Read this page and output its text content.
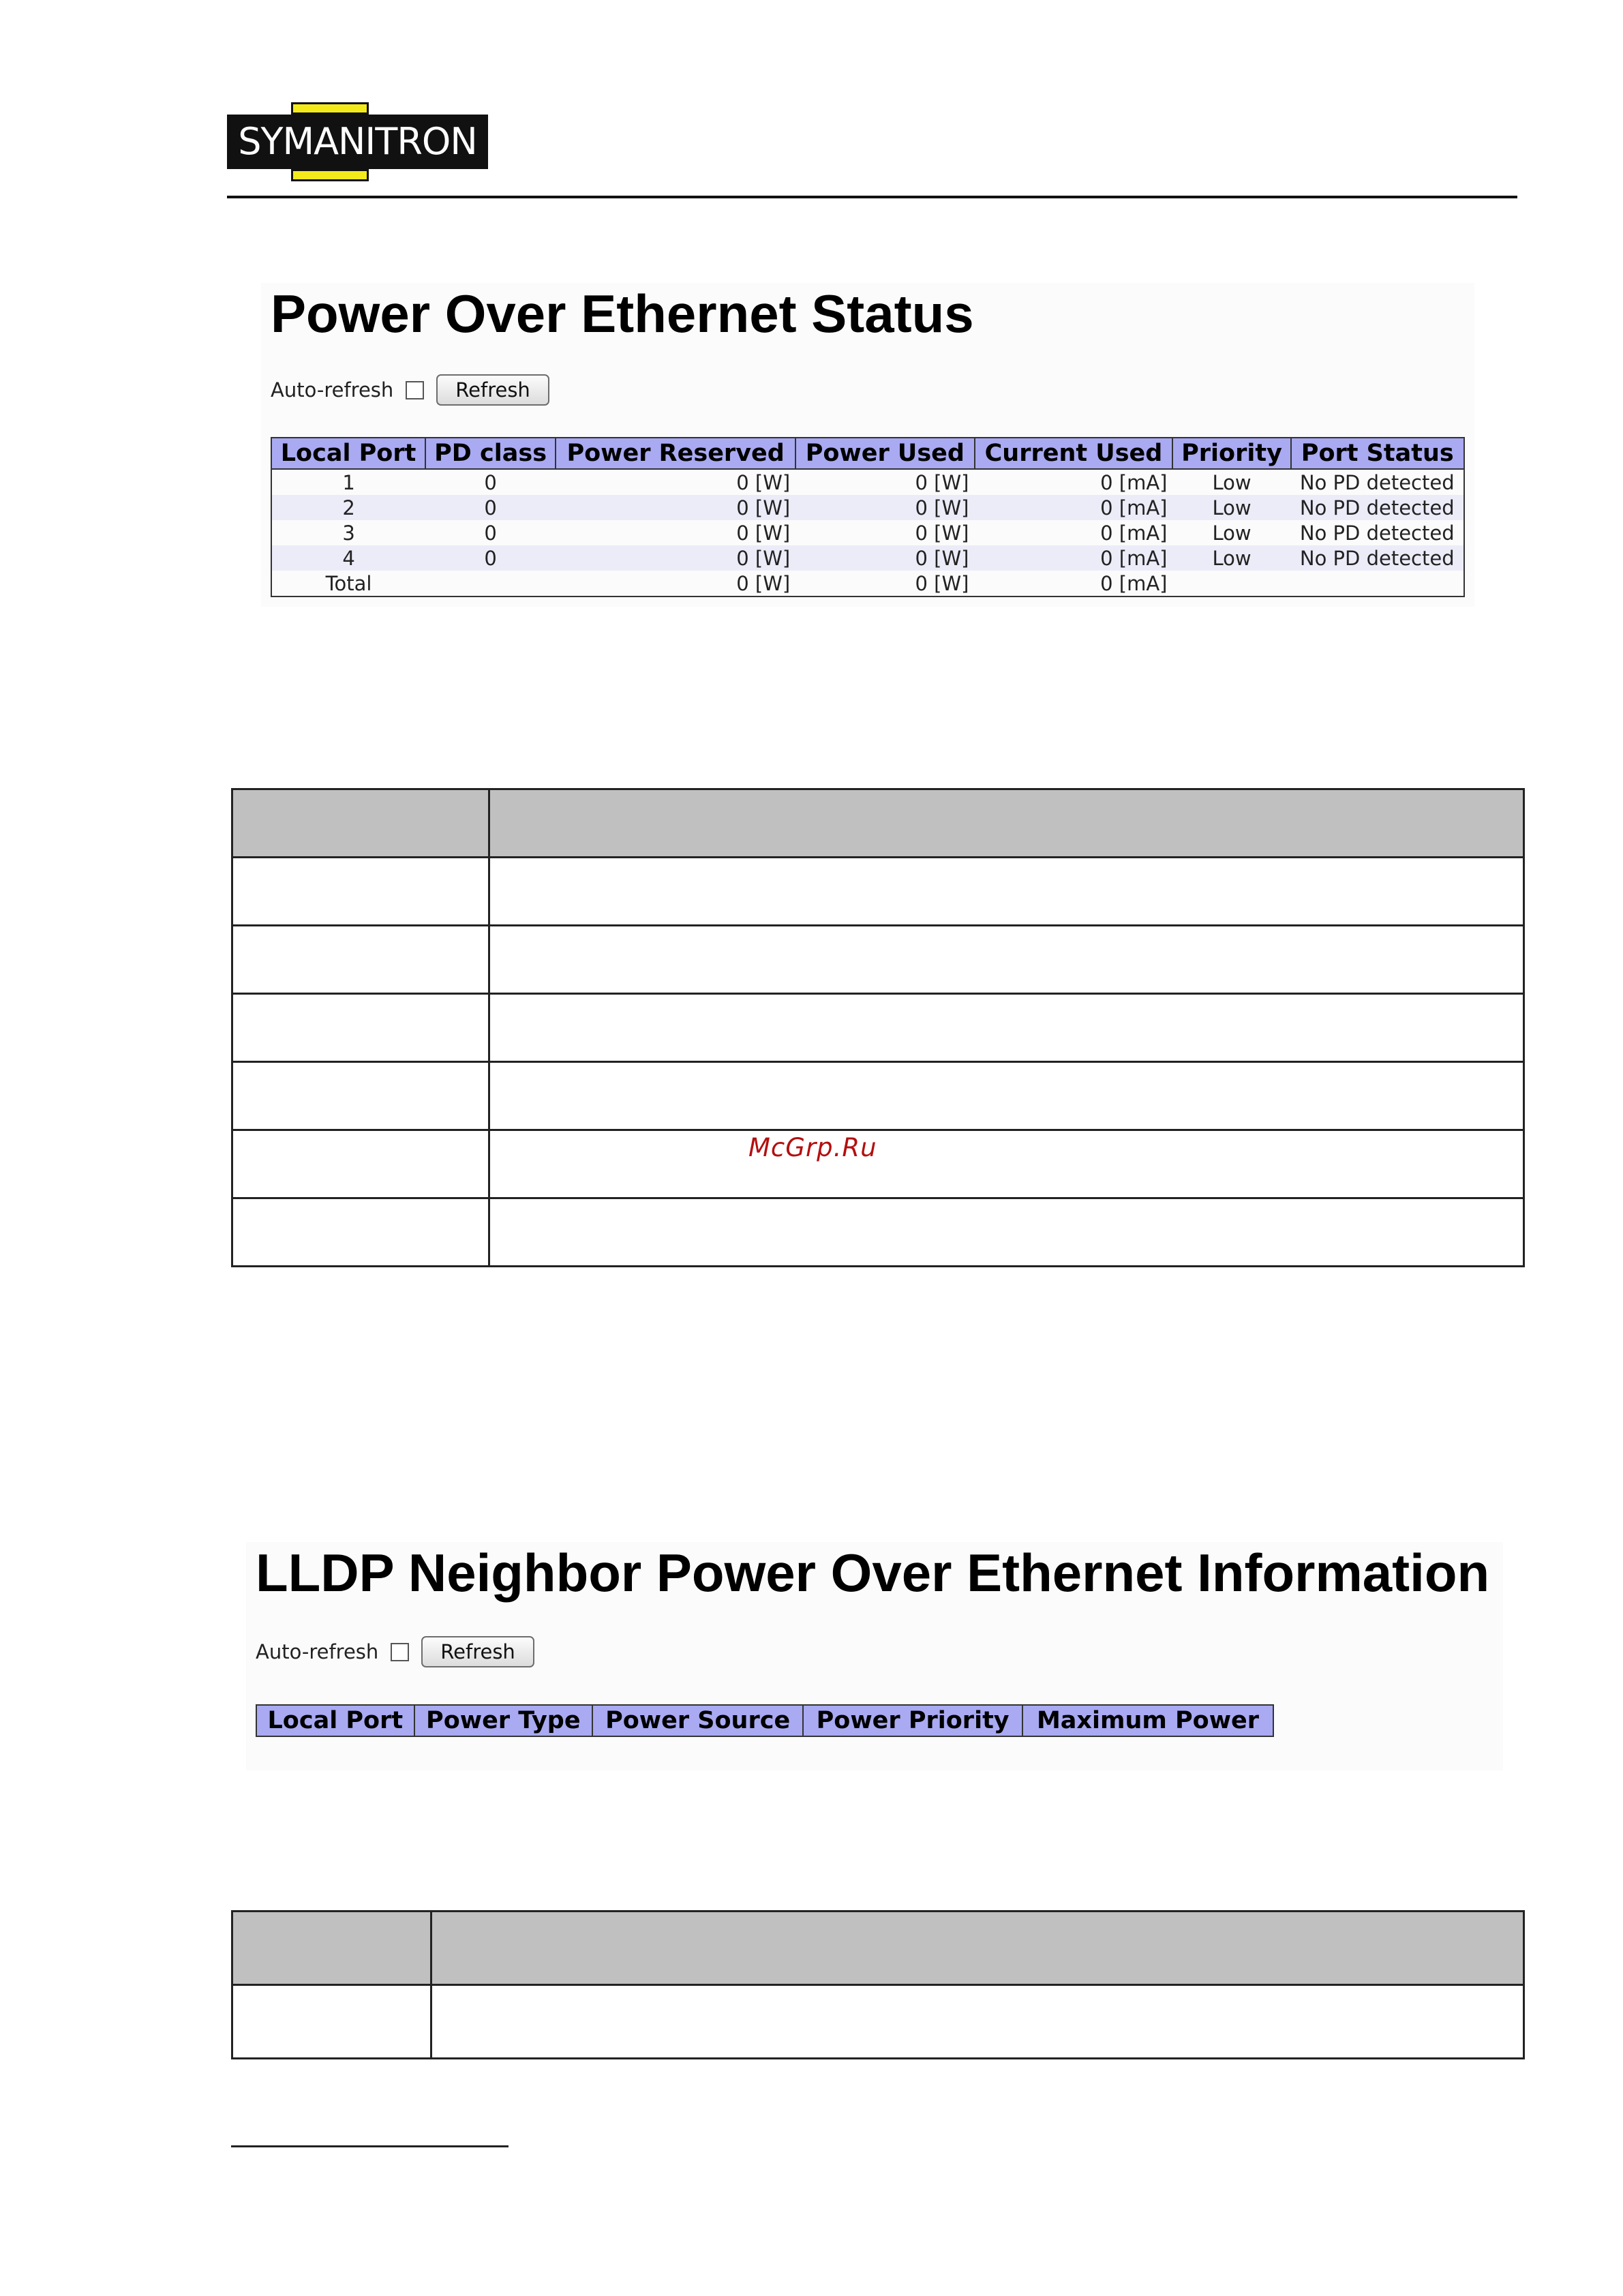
SYMANITRON
Power Over Ethernet Status
Auto-refresh	Refresh
Local Port	PD class	Power Reserved	Power Used	Current Used	Priority	Port Status
1	0	0 [W]	0 [W]	0 [mA]	Low	No PD detected
2	0	0 [W]	0 [W]	0 [mA]	Low	No PD detected
3	0	0 [W]	0 [W]	0 [mA]	Low	No PD detected
4	0	0 [W]	0 [W]	0 [mA]	Low	No PD detected
Total		0 [W]	0 [W]	0 [mA]		

McGrp.Ru
LLDP Neighbor Power Over Ethernet Information
Auto-refresh	Refresh
Local Port	Power Type	Power Source	Power Priority	Maximum Power
